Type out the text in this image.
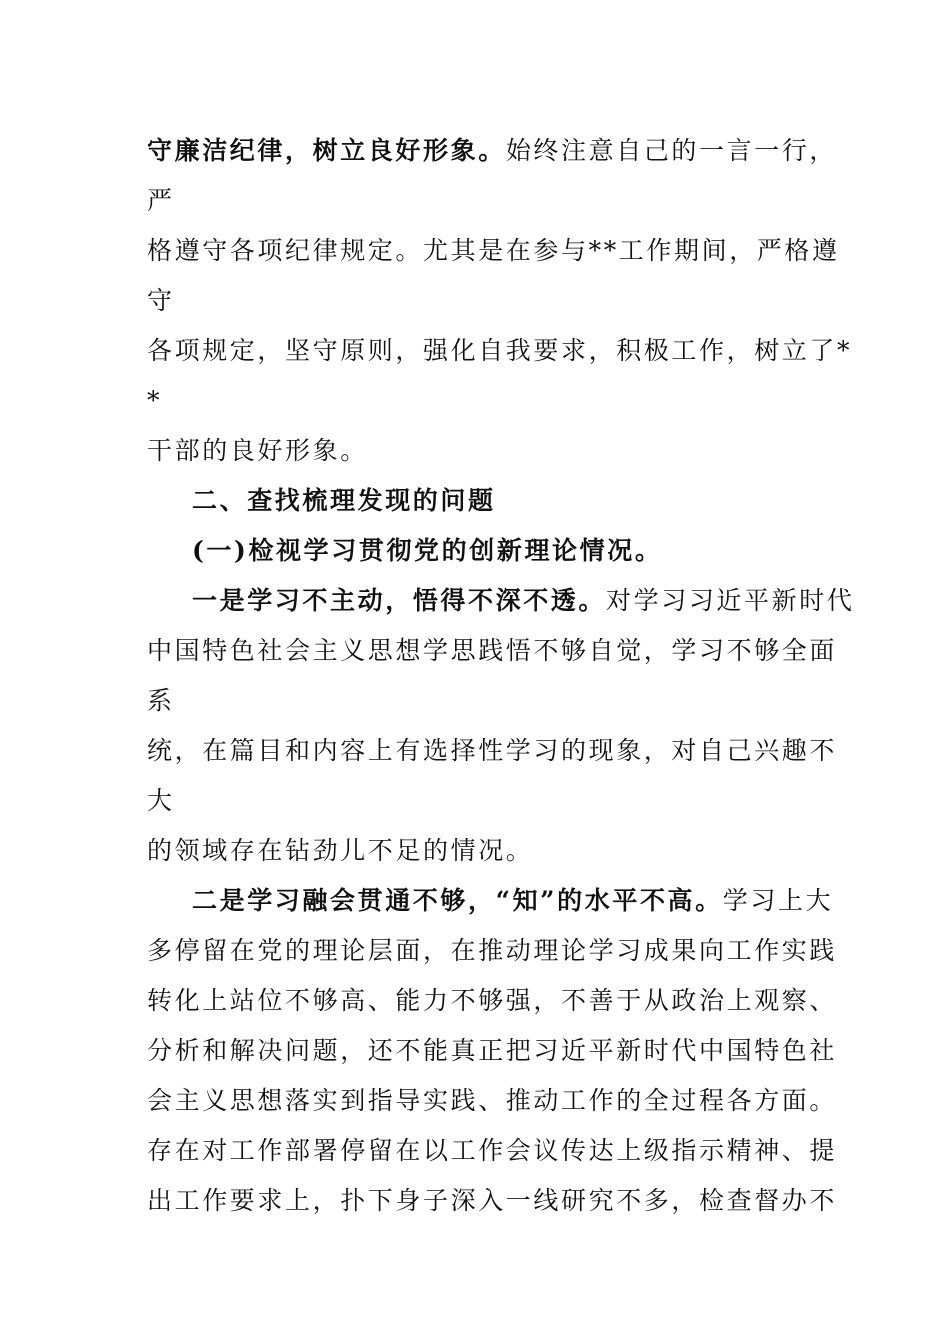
守廉洁纪律，树立良好形象。始终注意自己的一言一行，
严
格遵守各项纪律规定。尤其是在参与**工作期间，严格遵
守
各项规定，坚守原则，强化自我要求，积极工作，树立了*
*
干部的良好形象。
二、查找梳理发现的问题
(一)检视学习贯彻党的创新理论情况。
一是学习不主动，悟得不深不透。对学习习近平新时代
中国特色社会主义思想学思践悟不够自觉，学习不够全面
系
统，在篇目和内容上有选择性学习的现象，对自己兴趣不
大
的领域存在钻劲儿不足的情况。
二是学习融会贯通不够，“知”的水平不高。学习上大
多停留在党的理论层面，在推动理论学习成果向工作实践
转化上站位不够高、能力不够强，不善于从政治上观察、
分析和解决问题，还不能真正把习近平新时代中国特色社
会主义思想落实到指导实践、推动工作的全过程各方面。
存在对工作部署停留在以工作会议传达上级指示精神、提
出工作要求上，扑下身子深入一线研究不多，检查督办不
